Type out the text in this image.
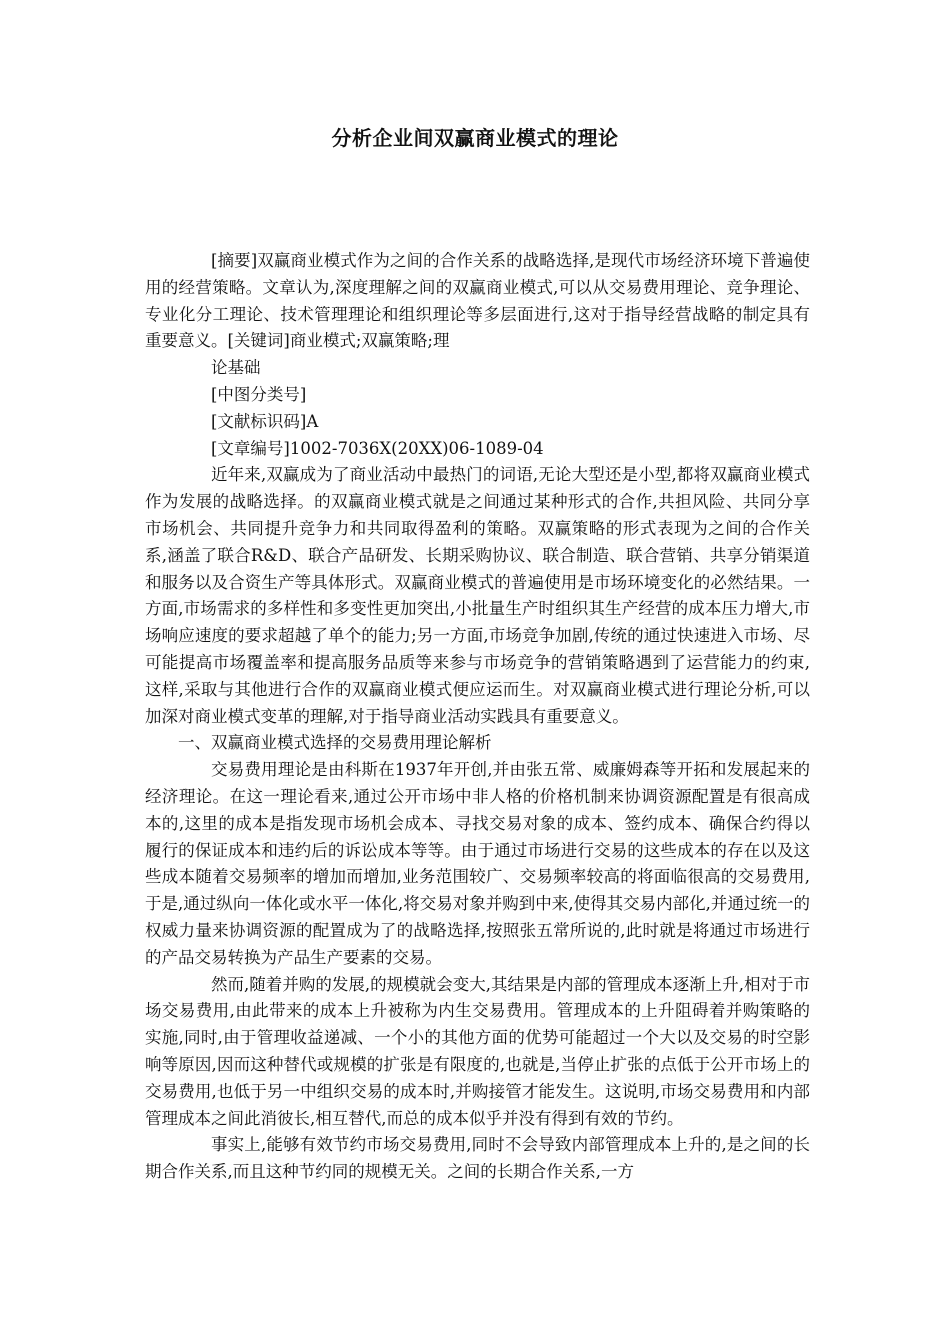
分析企业间双赢商业模式的理论

[摘要]双赢商业模式作为之间的合作关系的战略选择,是现代市场经济环境下普遍使用的经营策略。文章认为,深度理解之间的双赢商业模式,可以从交易费用理论、竞争理论、专业化分工理论、技术管理理论和组织理论等多层面进行,这对于指导经营战略的制定具有重要意义。[关键词]商业模式;双赢策略;理

论基础

[中图分类号]

[文献标识码]A

[文章编号]1002-7036X(20XX)06-1089-04

近年来,双赢成为了商业活动中最热门的词语,无论大型还是小型,都将双赢商业模式作为发展的战略选择。的双赢商业模式就是之间通过某种形式的合作,共担风险、共同分享市场机会、共同提升竞争力和共同取得盈利的策略。双赢策略的形式表现为之间的合作关系,涵盖了联合R&D、联合产品研发、长期采购协议、联合制造、联合营销、共享分销渠道和服务以及合资生产等具体形式。双赢商业模式的普遍使用是市场环境变化的必然结果。一方面,市场需求的多样性和多变性更加突出,小批量生产时组织其生产经营的成本压力增大,市场响应速度的要求超越了单个的能力;另一方面,市场竞争加剧,传统的通过快速进入市场、尽可能提高市场覆盖率和提高服务品质等来参与市场竞争的营销策略遇到了运营能力的约束,这样,采取与其他进行合作的双赢商业模式便应运而生。对双赢商业模式进行理论分析,可以加深对商业模式变革的理解,对于指导商业活动实践具有重要意义。

一、双赢商业模式选择的交易费用理论解析

交易费用理论是由科斯在1937年开创,并由张五常、威廉姆森等开拓和发展起来的经济理论。在这一理论看来,通过公开市场中非人格的价格机制来协调资源配置是有很高成本的,这里的成本是指发现市场机会成本、寻找交易对象的成本、签约成本、确保合约得以履行的保证成本和违约后的诉讼成本等等。由于通过市场进行交易的这些成本的存在以及这些成本随着交易频率的增加而增加,业务范围较广、交易频率较高的将面临很高的交易费用,于是,通过纵向一体化或水平一体化,将交易对象并购到中来,使得其交易内部化,并通过统一的权威力量来协调资源的配置成为了的战略选择,按照张五常所说的,此时就是将通过市场进行的产品交易转换为产品生产要素的交易。

然而,随着并购的发展,的规模就会变大,其结果是内部的管理成本逐渐上升,相对于市场交易费用,由此带来的成本上升被称为内生交易费用。管理成本的上升阻碍着并购策略的实施,同时,由于管理收益递减、一个小的其他方面的优势可能超过一个大以及交易的时空影响等原因,因而这种替代或规模的扩张是有限度的,也就是,当停止扩张的点低于公开市场上的交易费用,也低于另一中组织交易的成本时,并购接管才能发生。这说明,市场交易费用和内部管理成本之间此消彼长,相互替代,而总的成本似乎并没有得到有效的节约。

事实上,能够有效节约市场交易费用,同时不会导致内部管理成本上升的,是之间的长期合作关系,而且这种节约同的规模无关。之间的长期合作关系,一方
